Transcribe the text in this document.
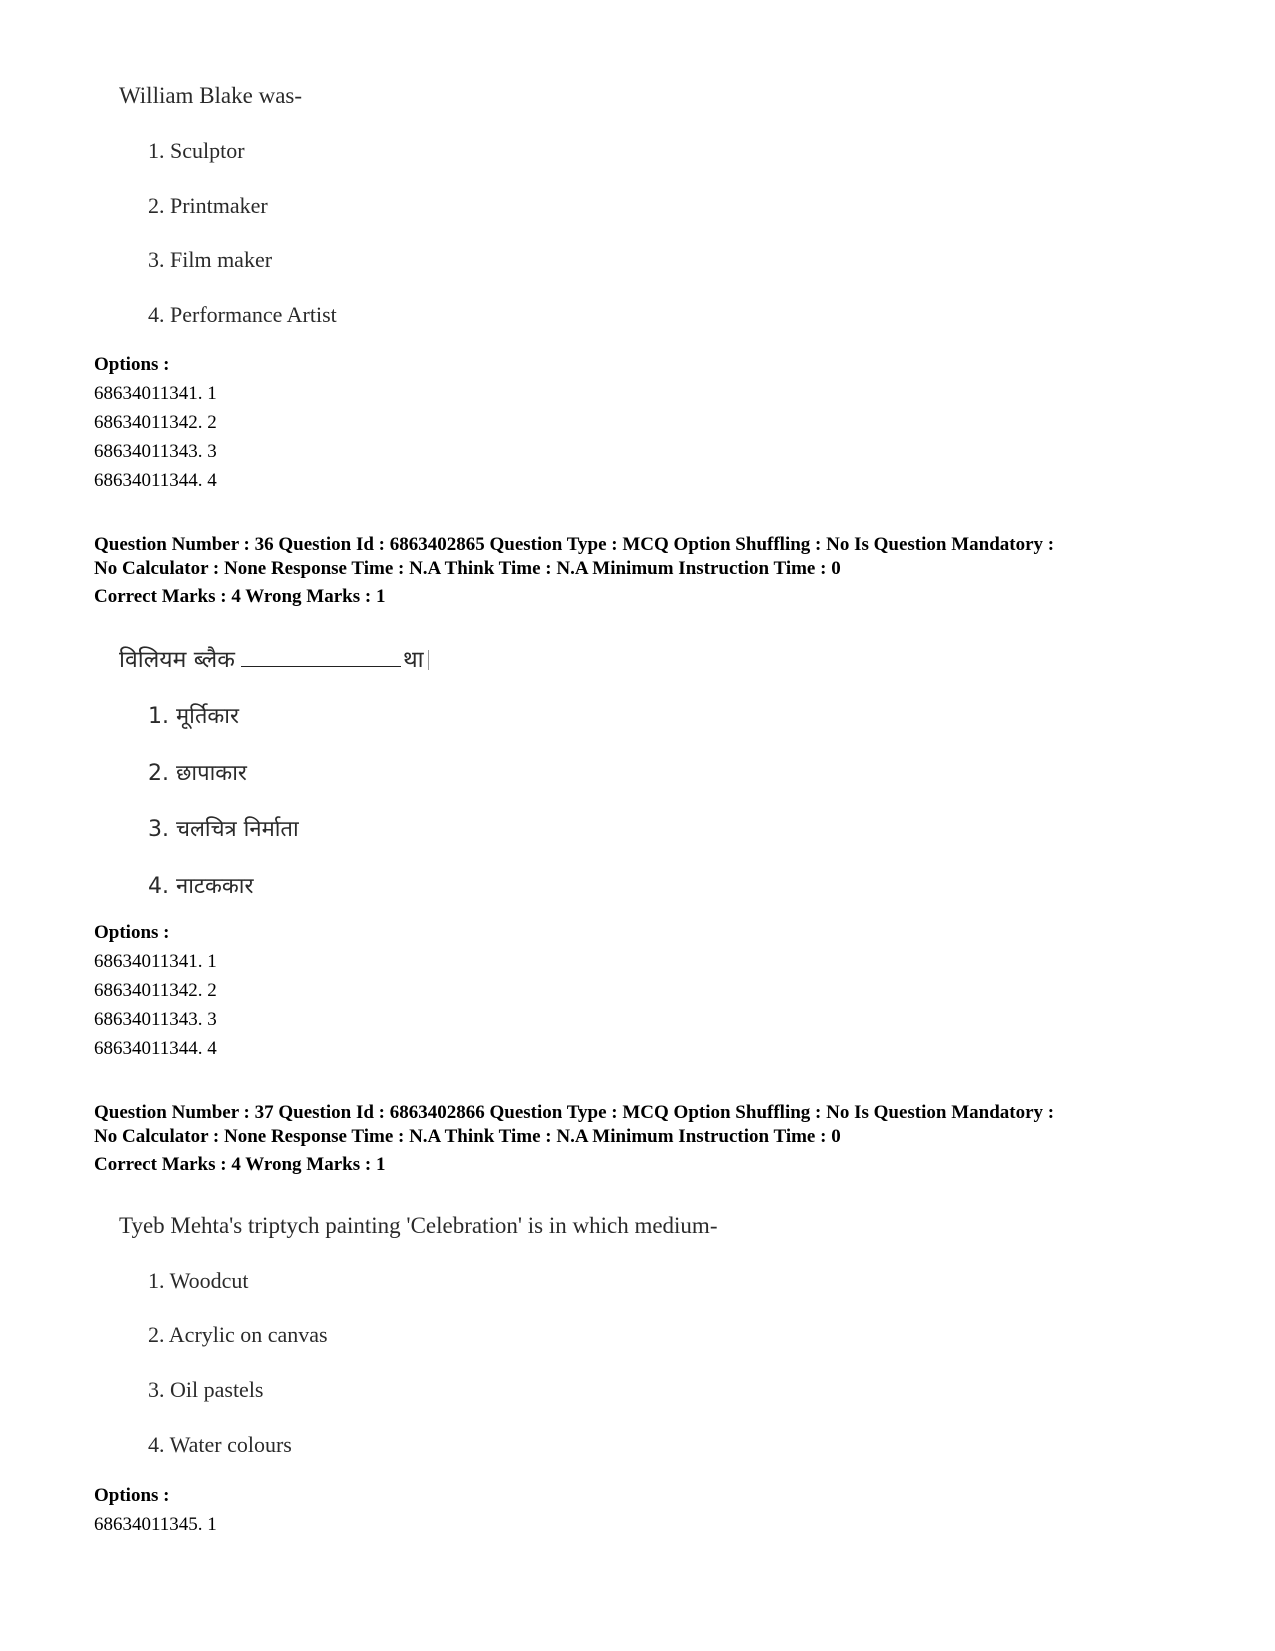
William Blake was-
1. Sculptor
2. Printmaker
3. Film maker
4. Performance Artist
Options :
68634011341. 1
68634011342. 2
68634011343. 3
68634011344. 4
Question Number : 36 Question Id : 6863402865 Question Type : MCQ Option Shuffling : No Is Question Mandatory :
No Calculator : None Response Time : N.A Think Time : N.A Minimum Instruction Time : 0
Correct Marks : 4 Wrong Marks : 1
विलियम ब्लैक	था
1. मूर्तिकार
2. छापाकार
3. चलचित्र निर्माता
4. नाटककार
Options :
68634011341. 1
68634011342. 2
68634011343. 3
68634011344. 4
Question Number : 37 Question Id : 6863402866 Question Type : MCQ Option Shuffling : No Is Question Mandatory :
No Calculator : None Response Time : N.A Think Time : N.A Minimum Instruction Time : 0
Correct Marks : 4 Wrong Marks : 1
Tyeb Mehta's triptych painting 'Celebration' is in which medium-
1. Woodcut
2. Acrylic on canvas
3. Oil pastels
4. Water colours
Options :
68634011345. 1
